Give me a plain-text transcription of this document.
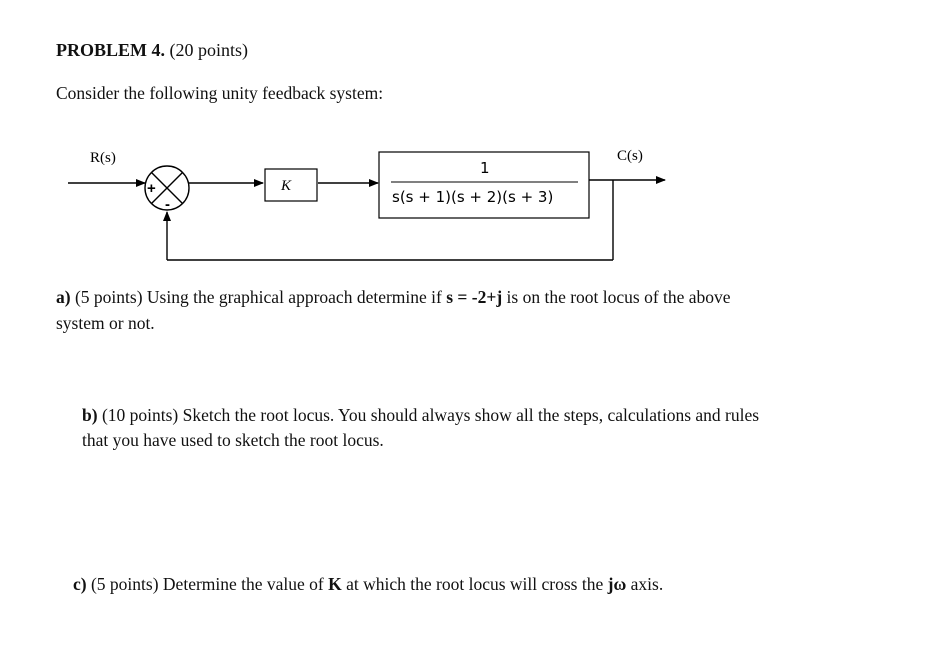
PROBLEM 4. (20 points)
Consider the following unity feedback system:
+
-
K
1
s(s + 1)(s + 2)(s + 3)
R(s)	C(s)
a) (5 points) Using the graphical approach determine if s = -2+j is on the root locus of the above
system or not.
b) (10 points) Sketch the root locus. You should always show all the steps, calculations and rules
that you have used to sketch the root locus.
c) (5 points) Determine the value of K at which the root locus will cross the jω axis.
